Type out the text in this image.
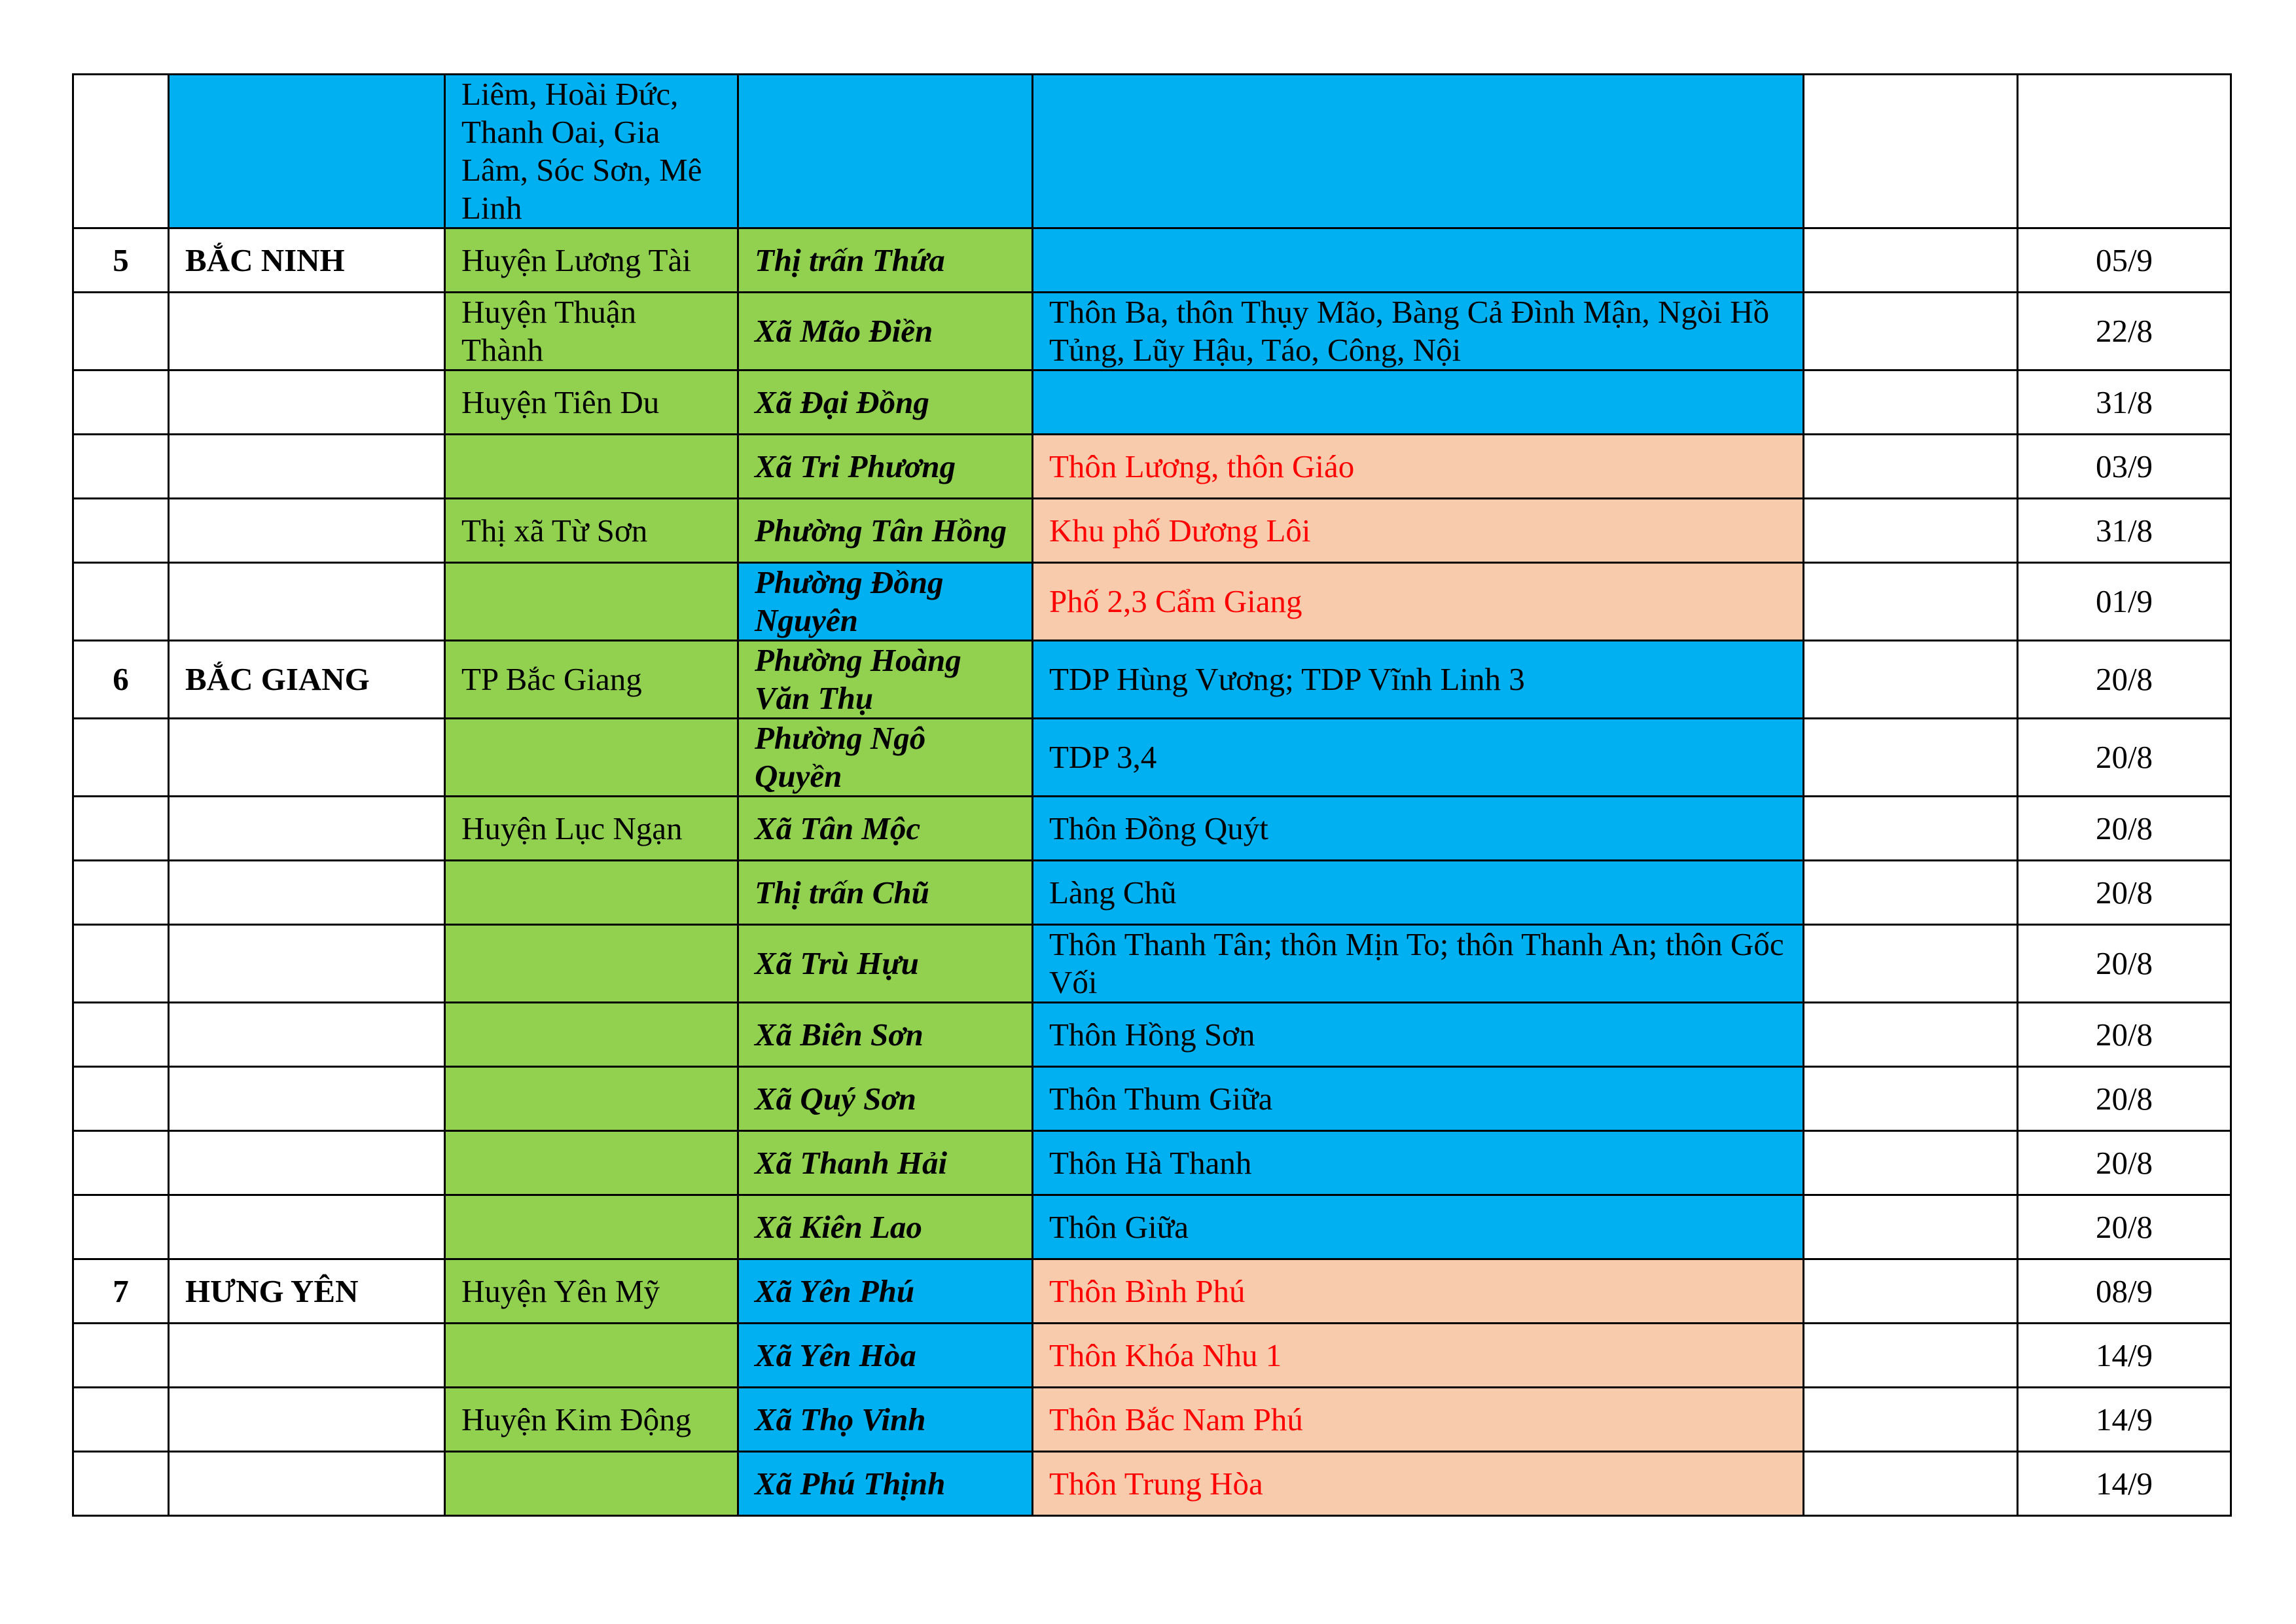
		Liêm, Hoài Đức, Thanh Oai, Gia Lâm, Sóc Sơn, Mê Linh				
5	BẮC NINH	Huyện Lương Tài	Thị trấn Thứa			05/9
		Huyện Thuận Thành	Xã Mão Điền	Thôn Ba, thôn Thụy Mão, Bàng Cả Đình Mận, Ngòi Hồ Tủng, Lũy Hậu, Táo, Công, Nội		22/8
		Huyện Tiên Du	Xã Đại Đồng			31/8
			Xã Tri Phương	Thôn Lương, thôn Giáo		03/9
		Thị xã Từ Sơn	Phường Tân Hồng	Khu phố Dương Lôi		31/8
			Phường Đồng Nguyên	Phố 2,3 Cẩm Giang		01/9
6	BẮC GIANG	TP Bắc Giang	Phường Hoàng Văn Thụ	TDP Hùng Vương; TDP Vĩnh Linh 3		20/8
			Phường Ngô Quyền	TDP 3,4		20/8
		Huyện Lục Ngạn	Xã Tân Mộc	Thôn Đồng Quýt		20/8
			Thị trấn Chũ	Làng Chũ		20/8
			Xã Trù Hựu	Thôn Thanh Tân; thôn Mịn To; thôn Thanh An; thôn Gốc Vối		20/8
			Xã Biên Sơn	Thôn Hồng Sơn		20/8
			Xã Quý Sơn	Thôn Thum Giữa		20/8
			Xã Thanh Hải	Thôn Hà Thanh		20/8
			Xã Kiên Lao	Thôn Giữa		20/8
7	HƯNG YÊN	Huyện Yên Mỹ	Xã Yên Phú	Thôn Bình Phú		08/9
			Xã Yên Hòa	Thôn Khóa Nhu 1		14/9
		Huyện Kim Động	Xã Thọ Vinh	Thôn Bắc Nam Phú		14/9
			Xã Phú Thịnh	Thôn Trung Hòa		14/9
